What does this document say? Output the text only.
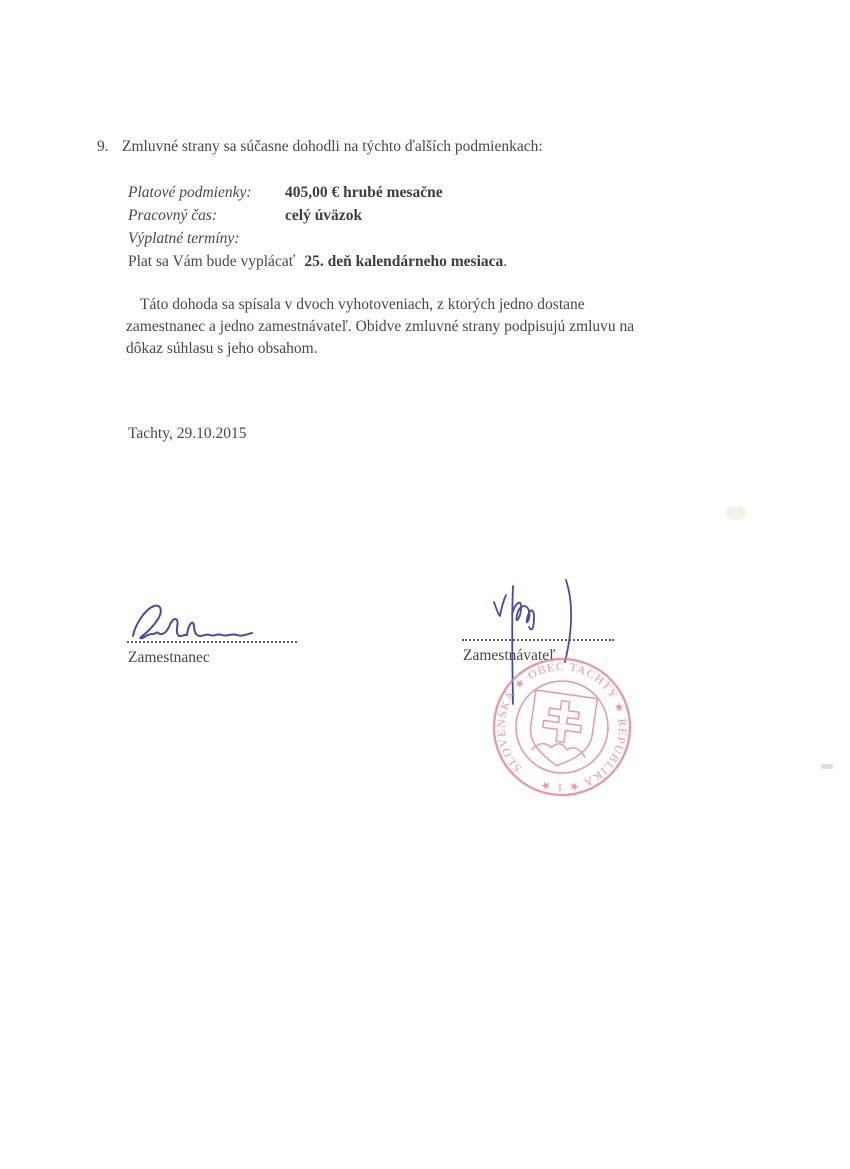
9. Zmluvné strany sa súčasne dohodli na týchto ďalších podmienkach:
Platové podmienky:	405,00 € hrubé mesačne
Pracovný čas:	celý úväzok
Výplatné termíny:
Plat sa Vám bude vyplácať 25. deň kalendárneho mesiaca.
Táto dohoda sa spísala v dvoch vyhotoveniach, z ktorých jedno dostane
zamestnanec a jedno zamestnávateľ. Obidve zmluvné strany podpisujú zmluvu na
dôkaz súhlasu s jeho obsahom.
Tachty, 29.10.2015
Zamestnanec	Zamestnávateľ
SLOVENSKÁ ★ OBEC TACHTY ★ REPUBLIKA ★ 1 ★
